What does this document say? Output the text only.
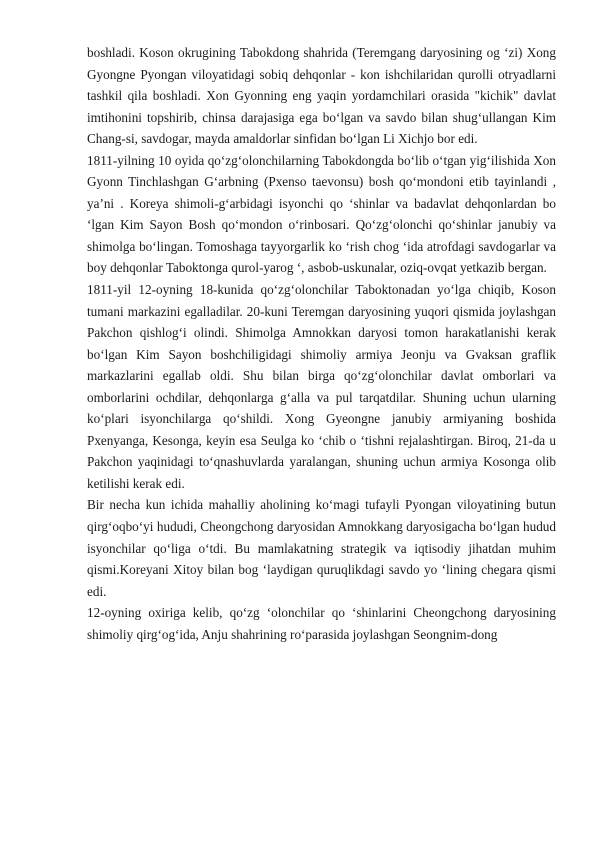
boshladi. Koson okrugining Tabokdong shahrida (Teremgang daryosining og ‘zi) Xong Gyongne Pyongan viloyatidagi sobiq dehqonlar - kon ishchilaridan qurolli otryadlarni tashkil qila boshladi. Xon Gyonning eng yaqin yordamchilari orasida "kichik" davlat imtihonini topshirib, chinsa darajasiga ega bo‘lgan va savdo bilan shug‘ullangan Kim Chang-si, savdogar, mayda amaldorlar sinfidan bo‘lgan Li Xichjo bor edi.

1811-yilning 10 oyida qo‘zg‘olonchilarning Tabokdongda bo‘lib o‘tgan yig‘ilishida Xon Gyonn Tinchlashgan G‘arbning (Pxenso taevonsu) bosh qo‘mondoni etib tayinlandi , ya’ni . Koreya shimoli-g‘arbidagi isyonchi qo ‘shinlar va badavlat dehqonlardan bo ‘lgan Kim Sayon Bosh qo‘mondon o‘rinbosari. Qo‘zg‘olonchi qo‘shinlar janubiy va shimolga bo‘lingan. Tomoshaga tayyorgarlik ko ‘rish chog ‘ida atrofdagi savdogarlar va boy dehqonlar Taboktonga qurol-yarog ‘, asbob-uskunalar, oziq-ovqat yetkazib bergan.

1811-yil 12-oyning 18-kunida qo‘zg‘olonchilar Taboktonadan yo‘lga chiqib, Koson tumani markazini egalladilar. 20-kuni Teremgan daryosining yuqori qismida joylashgan Pakchon qishlog‘i olindi. Shimolga Amnokkan daryosi tomon harakatlanishi kerak bo‘lgan Kim Sayon boshchiligidagi shimoliy armiya Jeonju va Gvaksan graflik markazlarini egallab oldi. Shu bilan birga qo‘zg‘olonchilar davlat omborlari va omborlarini ochdilar, dehqonlarga g‘alla va pul tarqatdilar. Shuning uchun ularning ko‘plari isyonchilarga qo‘shildi. Xong Gyeongne janubiy armiyaning boshida Pxenyanga, Kesonga, keyin esa Seulga ko ‘chib o ‘tishni rejalashtirgan. Biroq, 21-da u Pakchon yaqinidagi to‘qnashuvlarda yaralangan, shuning uchun armiya Kosonga olib ketilishi kerak edi.

Bir necha kun ichida mahalliy aholining ko‘magi tufayli Pyongan viloyatining butun qirg‘oqbo‘yi hududi, Cheongchong daryosidan Amnokkang daryosigacha bo‘lgan hudud isyonchilar qo‘liga o‘tdi. Bu mamlakatning strategik va iqtisodiy jihatdan muhim qismi.Koreyani Xitoy bilan bog ‘laydigan quruqlikdagi savdo yo ‘lining chegara qismi edi.

12-oyning oxiriga kelib, qo‘zg ‘olonchilar qo ‘shinlarini Cheongchong daryosining shimoliy qirg‘og‘ida, Anju shahrining ro‘parasida joylashgan Seongnim-dong
